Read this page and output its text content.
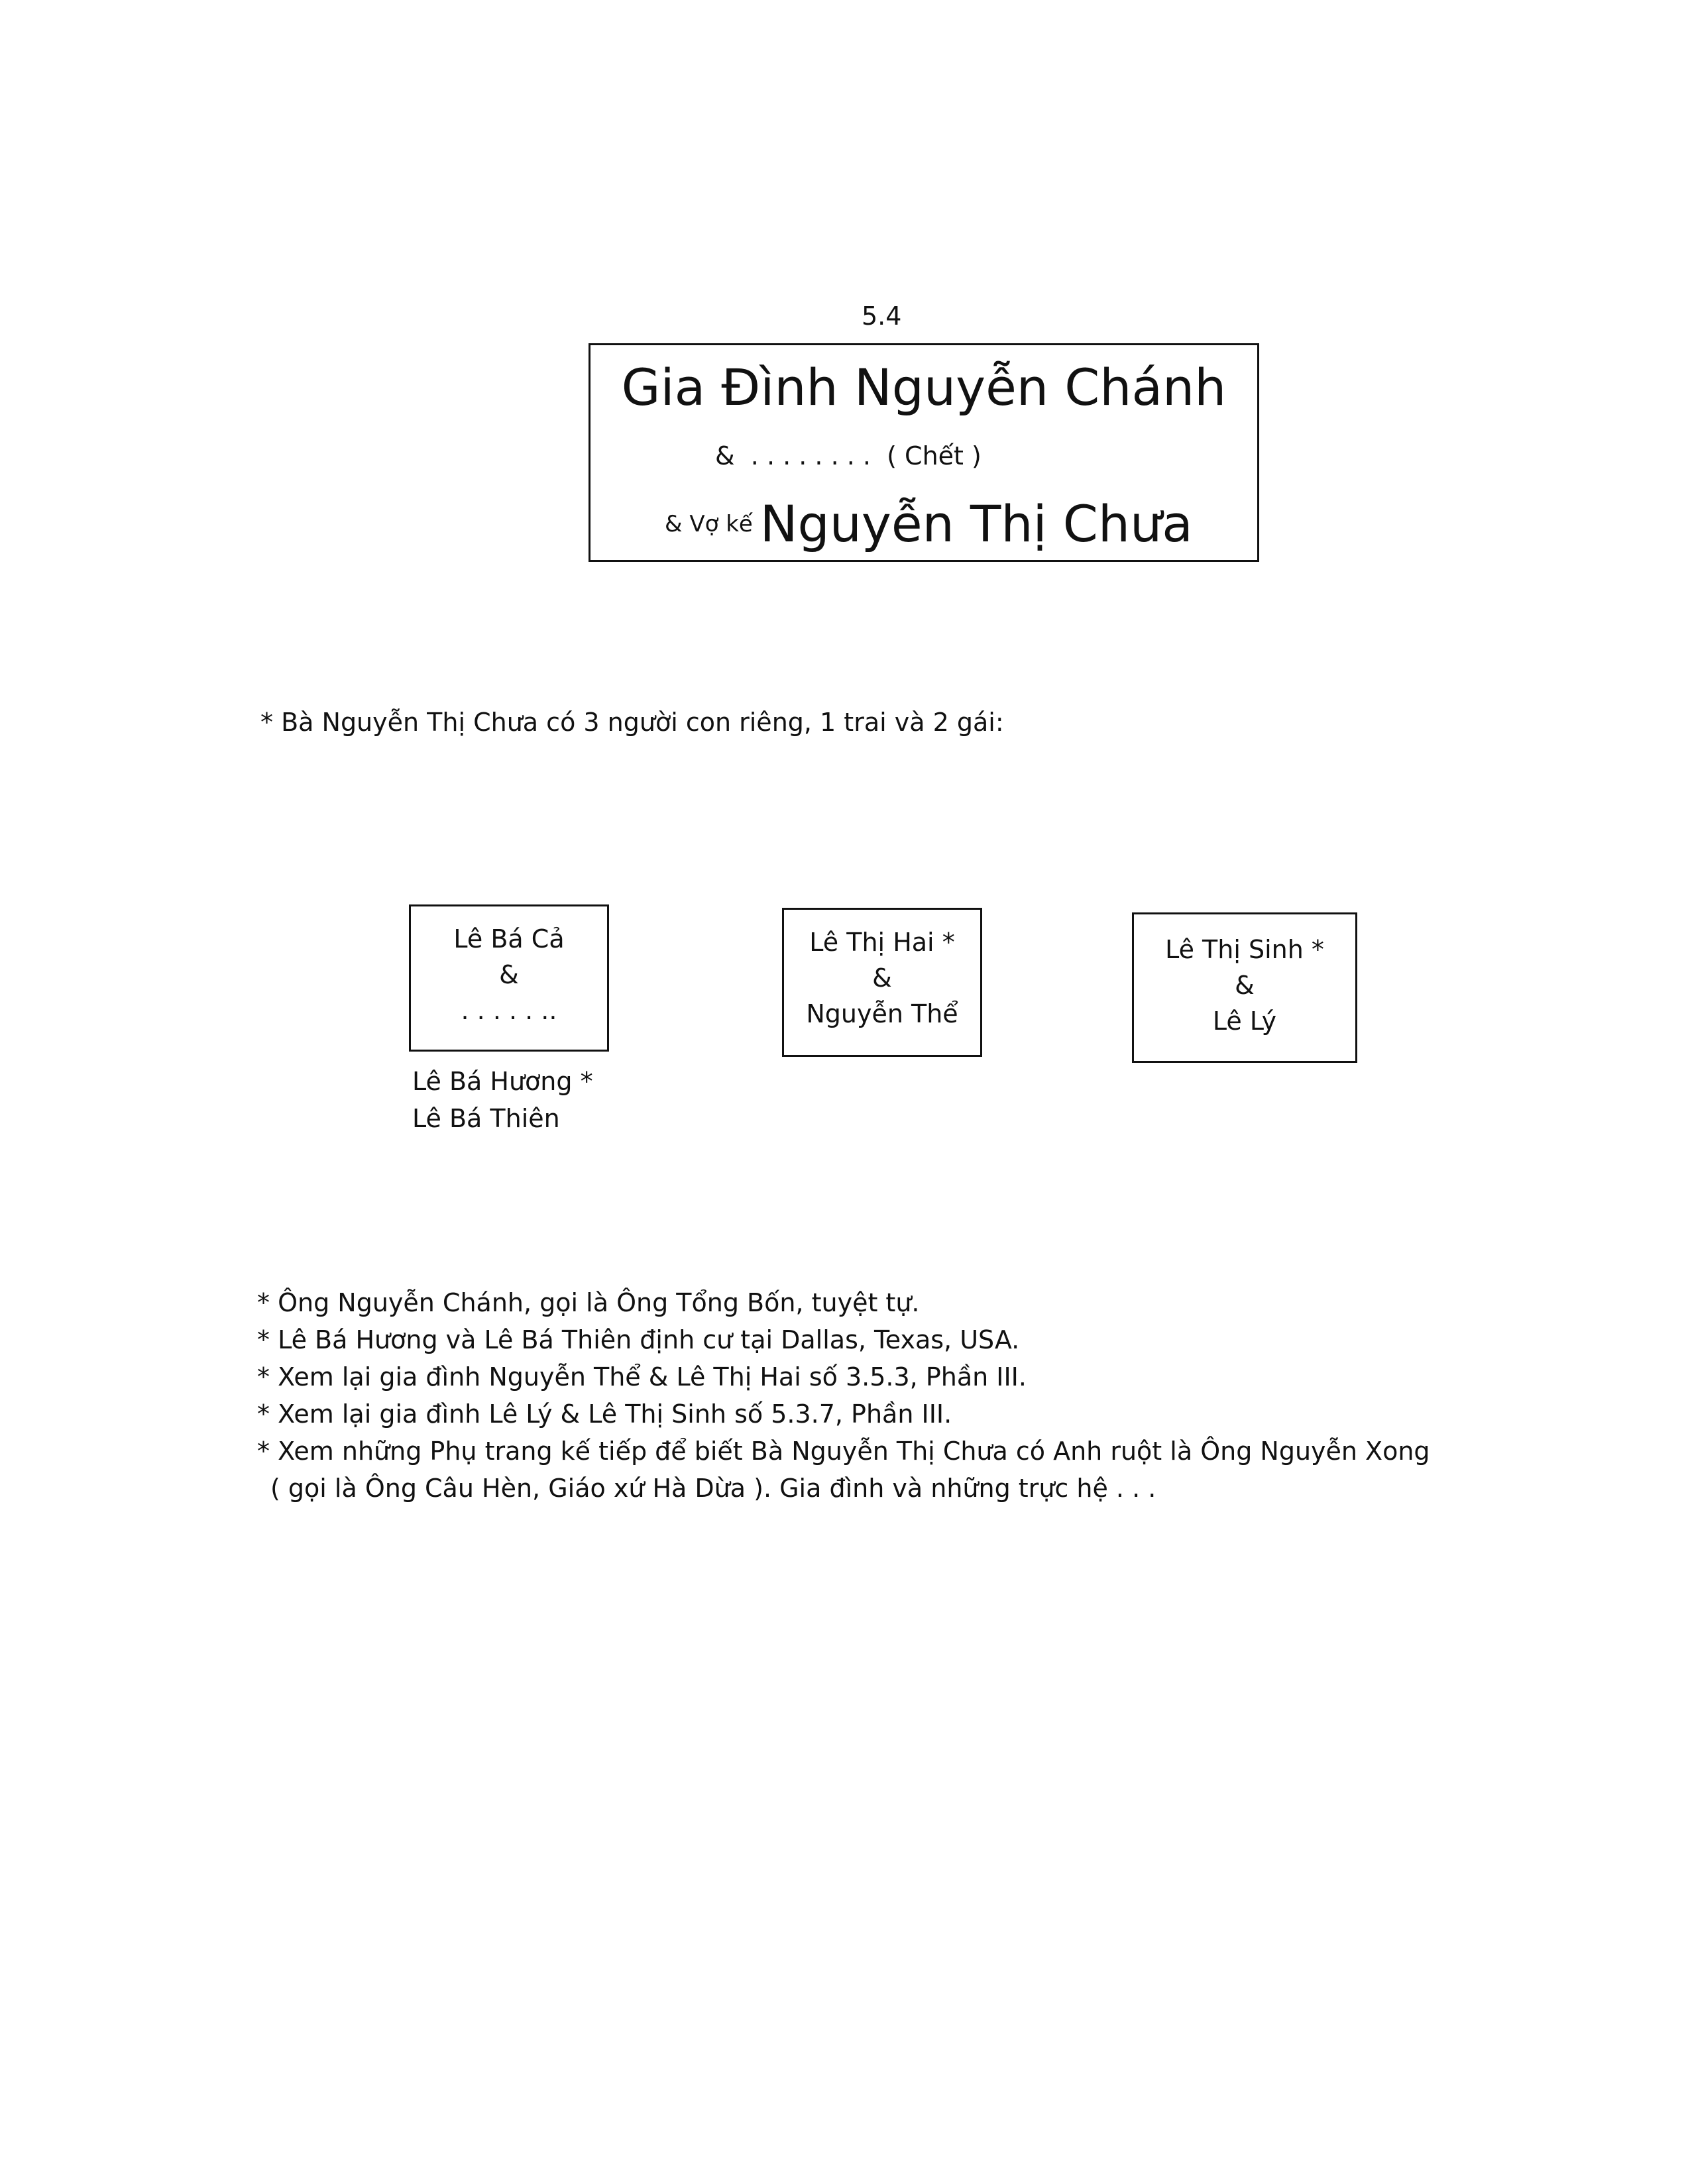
5.4
Gia Đình Nguyễn Chánh
&  . . . . . . . .  ( Chết )
& Vợ kế Nguyễn Thị Chưa
* Bà Nguyễn Thị Chưa có 3 người con riêng, 1 trai và 2 gái:
Lê Bá Cả
&
. . . . . ..
Lê Thị Hai *
&
Nguyễn Thể
Lê Thị Sinh *
&
Lê Lý
Lê Bá Hương *
Lê Bá Thiên
* Ông Nguyễn Chánh, gọi là Ông Tổng Bốn, tuyệt tự.
* Lê Bá Hương và Lê Bá Thiên định cư tại Dallas, Texas, USA.
* Xem lại gia đình Nguyễn Thể & Lê Thị Hai số 3.5.3, Phần III.
* Xem lại gia đình Lê Lý & Lê Thị Sinh số 5.3.7, Phần III.
* Xem những Phụ trang kế tiếp để biết Bà Nguyễn Thị Chưa có Anh ruột là Ông Nguyễn Xong
( gọi là Ông Câu Hèn, Giáo xứ Hà Dừa ). Gia đình và những trực hệ . . .
